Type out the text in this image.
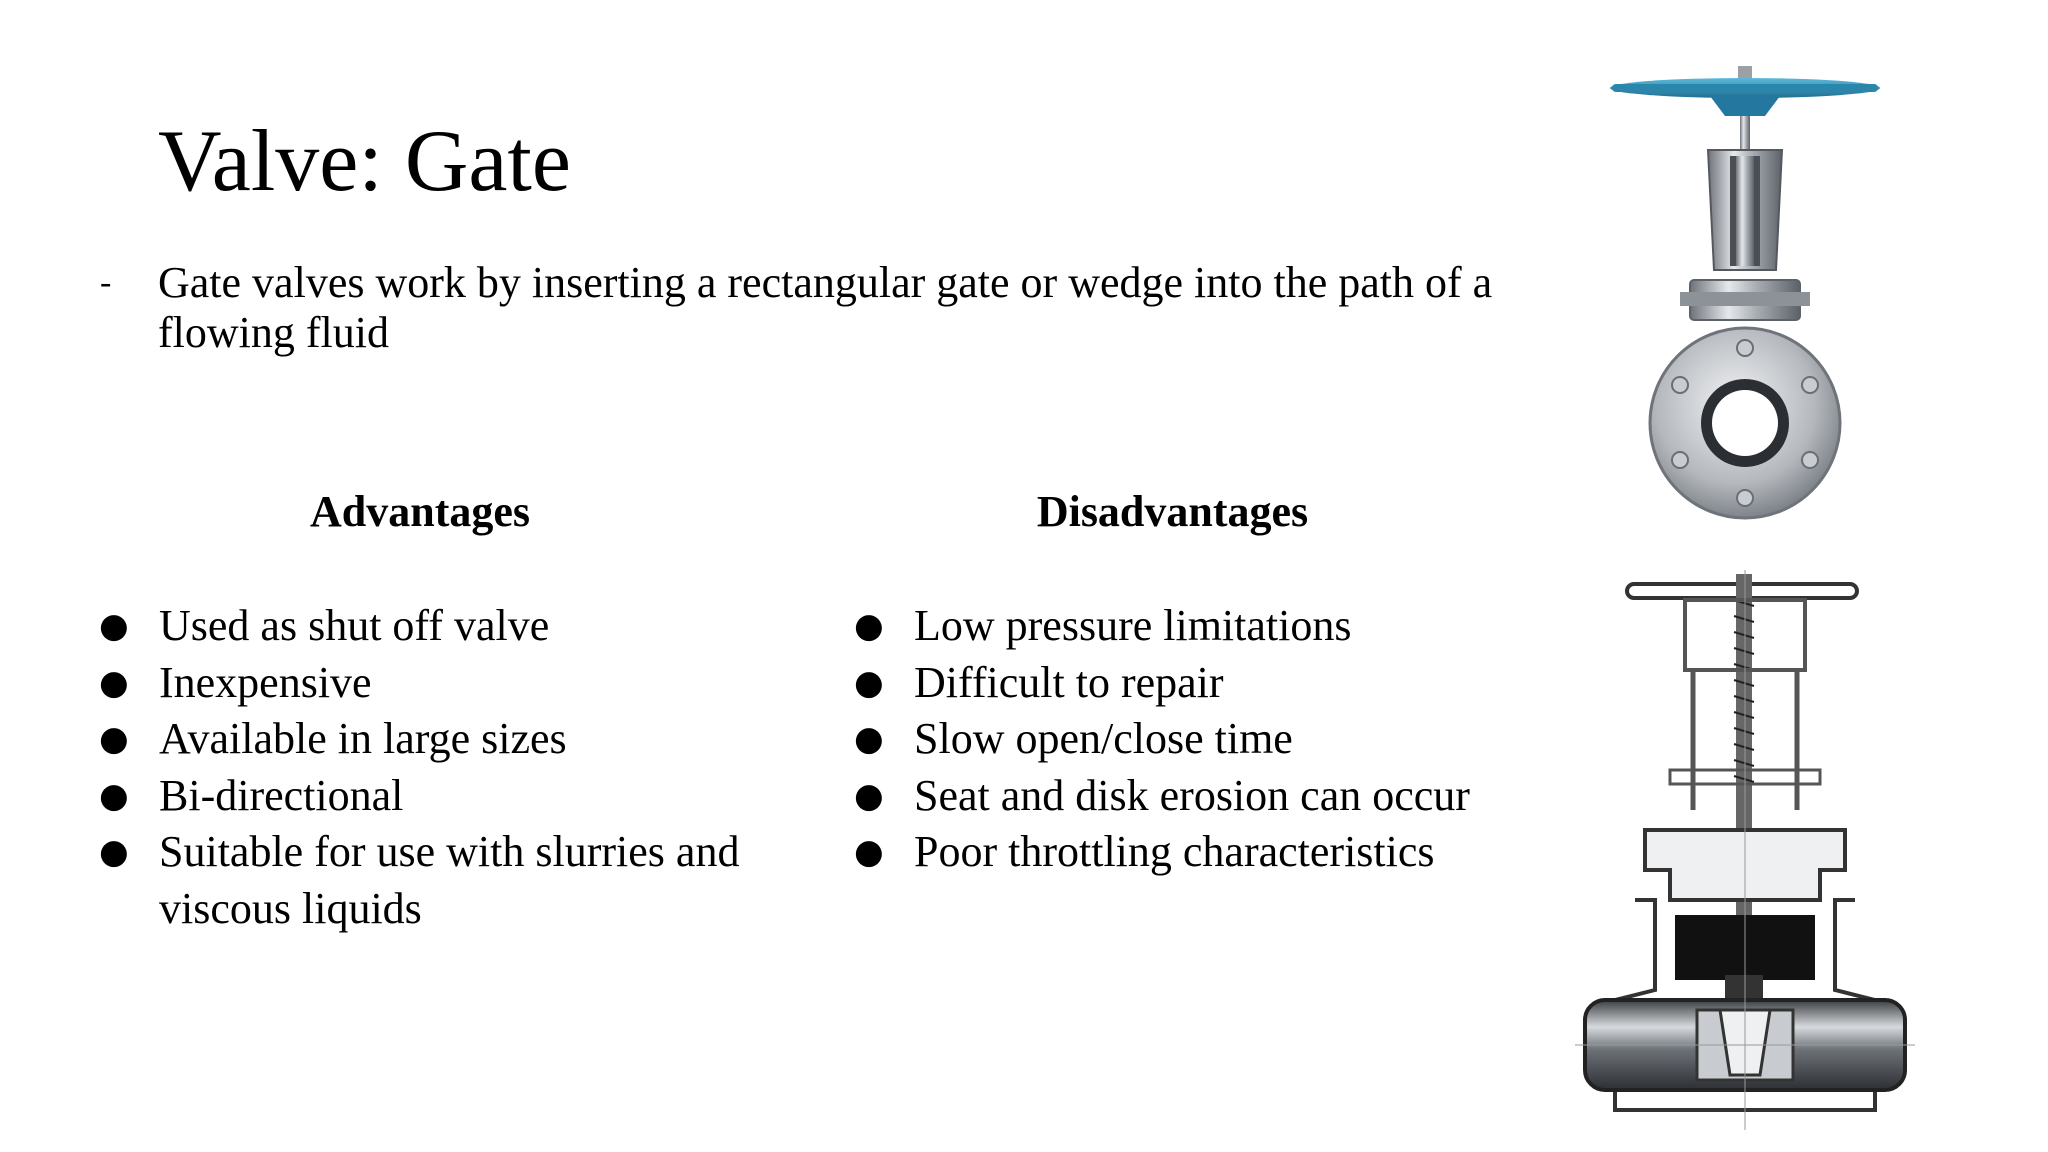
Valve: Gate
-	Gate valves work by inserting a rectangular gate or wedge into the path of a flowing fluid
Advantages	Disadvantages
● Used as shut off valve
● Inexpensive
● Available in large sizes
● Bi-directional
● Suitable for use with slurries and viscous liquids
● Low pressure limitations
● Difficult to repair
● Slow open/close time
● Seat and disk erosion can occur
● Poor throttling characteristics
